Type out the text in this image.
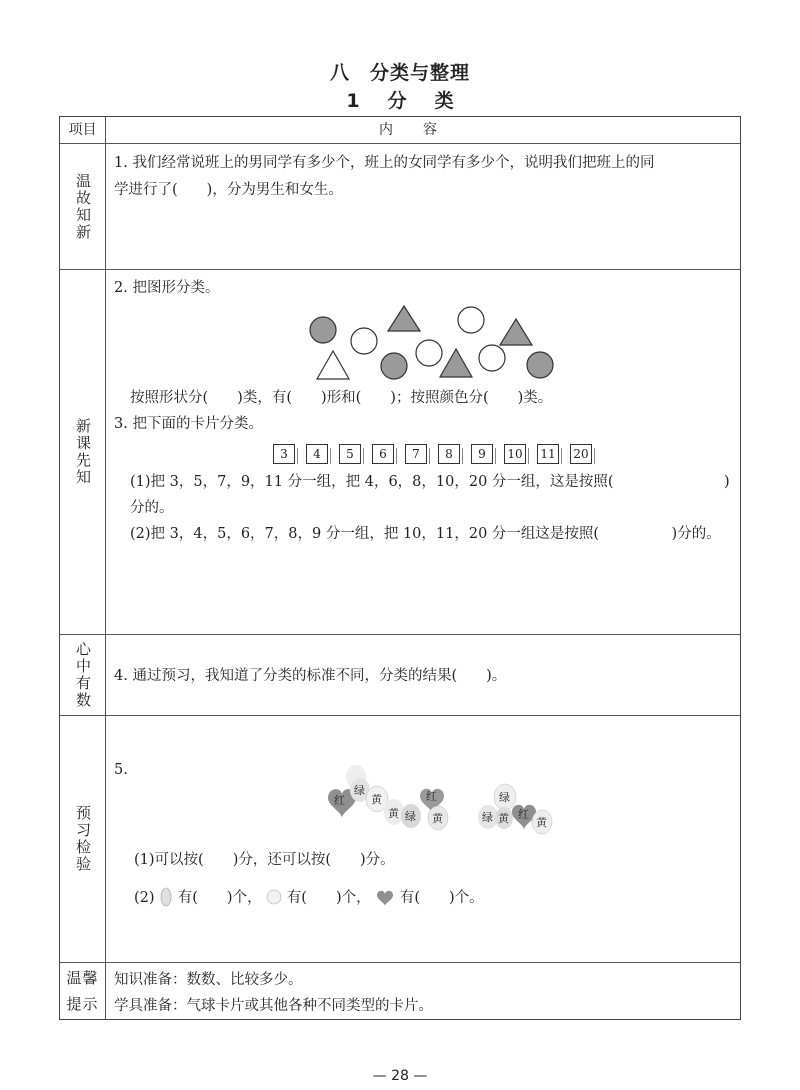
八　分类与整理
1 分 类
项目	内容
温故知新
新课先知
心中有数
预习检验
温馨提示
1. 我们经常说班上的男同学有多少个，班上的女同学有多少个，说明我们把班上的同
学进行了(　　)，分为男生和女生。
2. 把图形分类。
按照形状分(　　)类，有(　　)形和(　　)；按照颜色分(　　)类。
3. 把下面的卡片分类。
3 4 5 6 7 8 9 10 11 20
(1)把 3，5，7，9，11 分一组，把 4，6，8，10，20 分一组，这是按照(	)
分的。
(2)把 3，4，5，6，7，8，9 分一组，把 10，11，20 分一组这是按照(　　　　　)分的。
4. 通过预习，我知道了分类的标准不同，分类的结果(　　)。
5.
红
绿
黄
黄 绿
红
黄
绿
绿 黄 红
黄
(1)可以按(　　)分，还可以按(　　)分。
(2) 有(　　)个， 有(　　)个， 有(　　)个。
知识准备：数数、比较多少。
学具准备：气球卡片或其他各种不同类型的卡片。
— 28 —
